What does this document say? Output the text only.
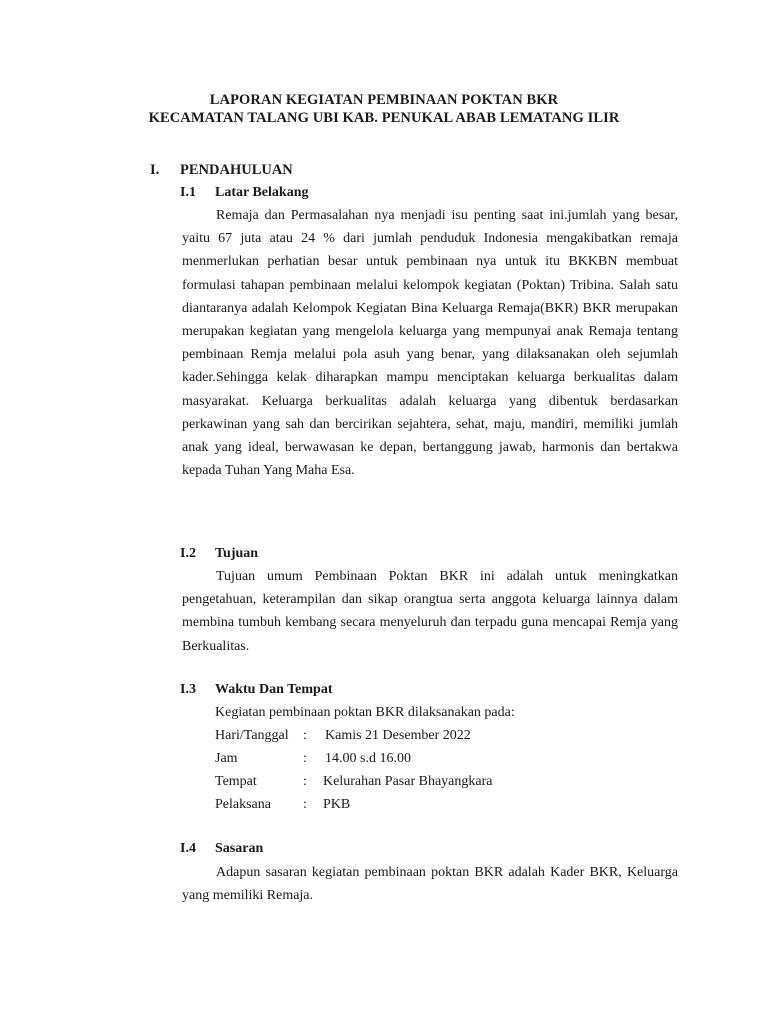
LAPORAN KEGIATAN PEMBINAAN POKTAN BKR
KECAMATAN TALANG UBI KAB. PENUKAL ABAB LEMATANG ILIR
I. PENDAHULUAN
I.1 Latar Belakang
Remaja dan Permasalahan nya menjadi isu penting saat ini.jumlah yang besar, yaitu 67 juta atau 24 % dari jumlah penduduk Indonesia mengakibatkan remaja menmerlukan perhatian besar untuk pembinaan nya untuk itu BKKBN membuat formulasi tahapan pembinaan melalui kelompok kegiatan (Poktan) Tribina. Salah satu diantaranya adalah Kelompok Kegiatan Bina Keluarga Remaja(BKR) BKR merupakan merupakan kegiatan yang mengelola keluarga yang mempunyai anak Remaja tentang pembinaan Remja melalui pola asuh yang benar, yang dilaksanakan oleh sejumlah kader.Sehingga kelak diharapkan mampu menciptakan keluarga berkualitas dalam masyarakat. Keluarga berkualitas adalah keluarga yang dibentuk berdasarkan perkawinan yang sah dan bercirikan sejahtera, sehat, maju, mandiri, memiliki jumlah anak yang ideal, berwawasan ke depan, bertanggung jawab, harmonis dan bertakwa kepada Tuhan Yang Maha Esa.
I.2 Tujuan
Tujuan umum Pembinaan Poktan BKR ini adalah untuk meningkatkan pengetahuan, keterampilan dan sikap orangtua serta anggota keluarga lainnya dalam membina tumbuh kembang secara menyeluruh dan terpadu guna mencapai Remja yang Berkualitas.
I.3 Waktu Dan Tempat
Kegiatan pembinaan poktan BKR dilaksanakan pada:
Hari/Tanggal : Kamis 21 Desember 2022
Jam	: 14.00 s.d 16.00
Tempat	: Kelurahan Pasar Bhayangkara
Pelaksana : PKB
I.4 Sasaran
Adapun sasaran kegiatan pembinaan poktan BKR adalah Kader BKR, Keluarga yang memiliki Remaja.
